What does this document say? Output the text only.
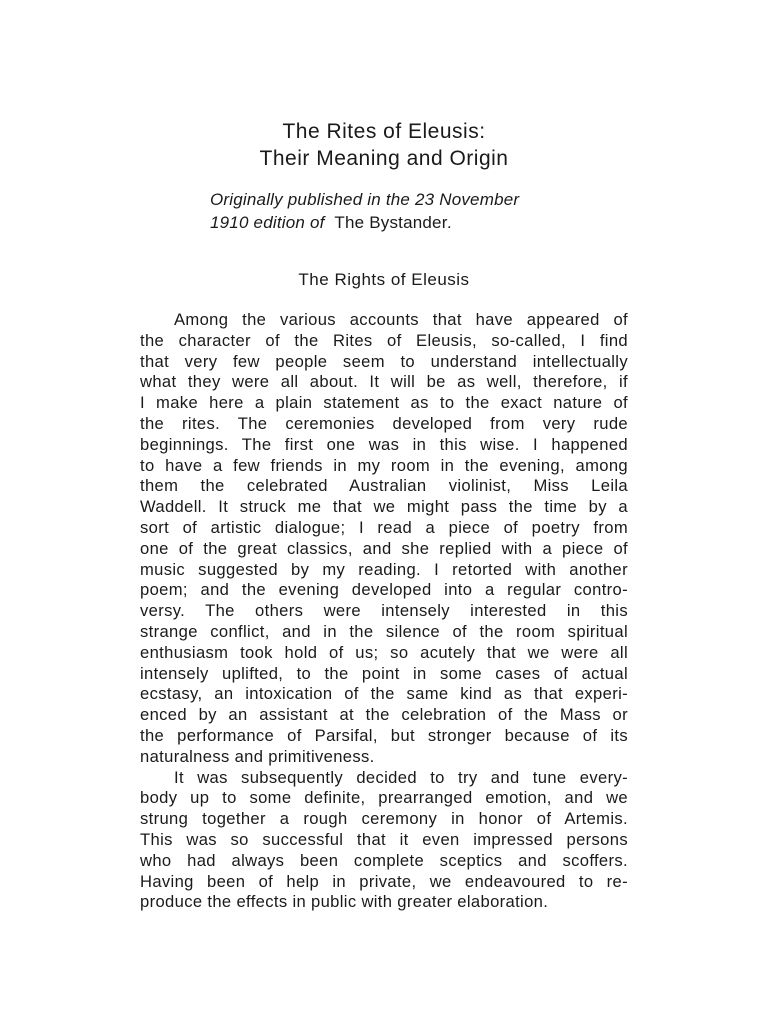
The Rites of Eleusis:
Their Meaning and Origin
Originally published in the 23 November
1910 edition of The Bystander.
The Rights of Eleusis
Among the various accounts that have appeared of
the character of the Rites of Eleusis, so-called, I find
that very few people seem to understand intellectually
what they were all about. It will be as well, therefore, if
I make here a plain statement as to the exact nature of
the rites. The ceremonies developed from very rude
beginnings. The first one was in this wise. I happened
to have a few friends in my room in the evening, among
them the celebrated Australian violinist, Miss Leila
Waddell. It struck me that we might pass the time by a
sort of artistic dialogue; I read a piece of poetry from
one of the great classics, and she replied with a piece of
music suggested by my reading. I retorted with another
poem; and the evening developed into a regular contro-
versy. The others were intensely interested in this
strange conflict, and in the silence of the room spiritual
enthusiasm took hold of us; so acutely that we were all
intensely uplifted, to the point in some cases of actual
ecstasy, an intoxication of the same kind as that experi-
enced by an assistant at the celebration of the Mass or
the performance of Parsifal, but stronger because of its
naturalness and primitiveness.
It was subsequently decided to try and tune every-
body up to some definite, prearranged emotion, and we
strung together a rough ceremony in honor of Artemis.
This was so successful that it even impressed persons
who had always been complete sceptics and scoffers.
Having been of help in private, we endeavoured to re-
produce the effects in public with greater elaboration.
